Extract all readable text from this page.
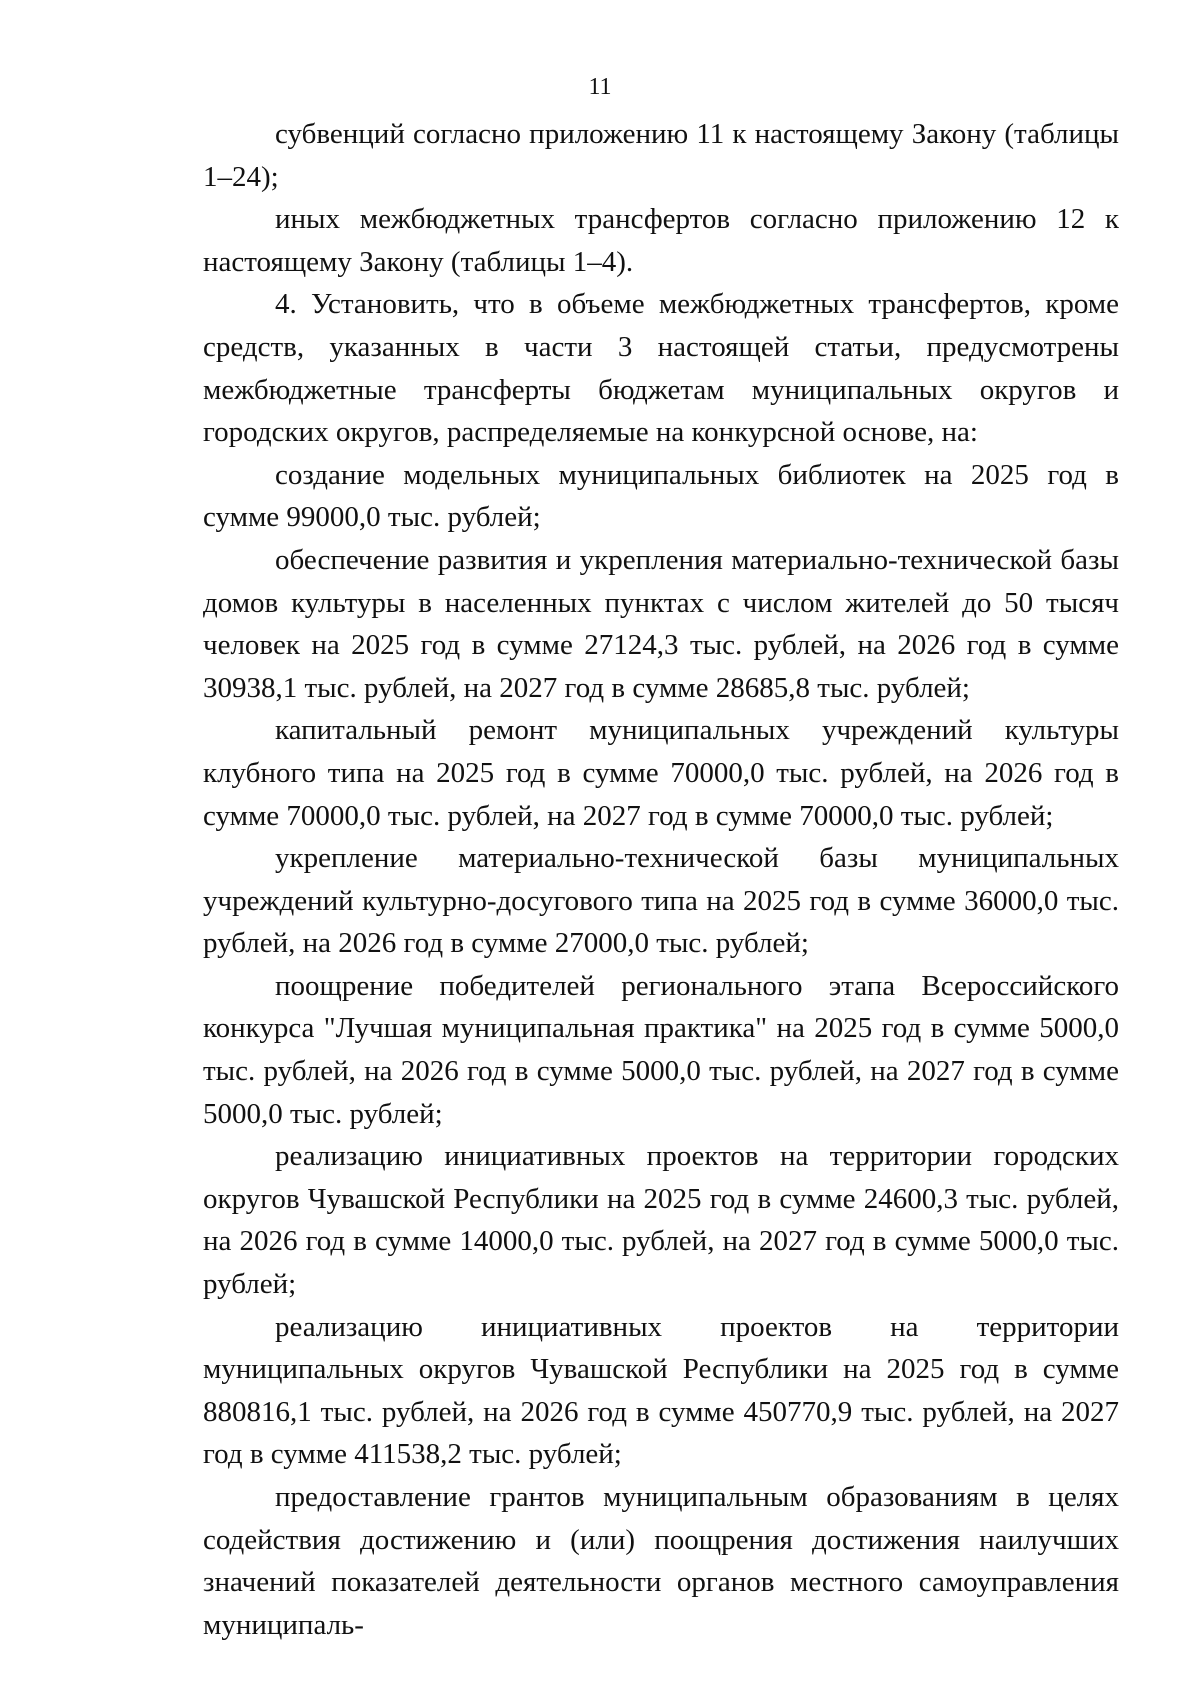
11

субвенций согласно приложению 11 к настоящему Закону (таблицы 1–24);

иных межбюджетных трансфертов согласно приложению 12 к настоящему Закону (таблицы 1–4).

4. Установить, что в объеме межбюджетных трансфертов, кроме средств, указанных в части 3 настоящей статьи, предусмотрены межбюджетные трансферты бюджетам муниципальных округов и городских округов, распределяемые на конкурсной основе, на:

создание модельных муниципальных библиотек на 2025 год в сумме 99000,0 тыс. рублей;

обеспечение развития и укрепления материально-технической базы домов культуры в населенных пунктах с числом жителей до 50 тысяч человек на 2025 год в сумме 27124,3 тыс. рублей, на 2026 год в сумме 30938,1 тыс. рублей, на 2027 год в сумме 28685,8 тыс. рублей;

капитальный ремонт муниципальных учреждений культуры клубного типа на 2025 год в сумме 70000,0 тыс. рублей, на 2026 год в сумме 70000,0 тыс. рублей, на 2027 год в сумме 70000,0 тыс. рублей;

укрепление материально-технической базы муниципальных учреждений культурно-досугового типа на 2025 год в сумме 36000,0 тыс. рублей, на 2026 год в сумме 27000,0 тыс. рублей;

поощрение победителей регионального этапа Всероссийского конкурса "Лучшая муниципальная практика" на 2025 год в сумме 5000,0 тыс. рублей, на 2026 год в сумме 5000,0 тыс. рублей, на 2027 год в сумме 5000,0 тыс. рублей;

реализацию инициативных проектов на территории городских округов Чувашской Республики на 2025 год в сумме 24600,3 тыс. рублей, на 2026 год в сумме 14000,0 тыс. рублей, на 2027 год в сумме 5000,0 тыс. рублей;

реализацию инициативных проектов на территории муниципальных округов Чувашской Республики на 2025 год в сумме 880816,1 тыс. рублей, на 2026 год в сумме 450770,9 тыс. рублей, на 2027 год в сумме 411538,2 тыс. рублей;

предоставление грантов муниципальным образованиям в целях содействия достижению и (или) поощрения достижения наилучших значений показателей деятельности органов местного самоуправления муниципаль-
